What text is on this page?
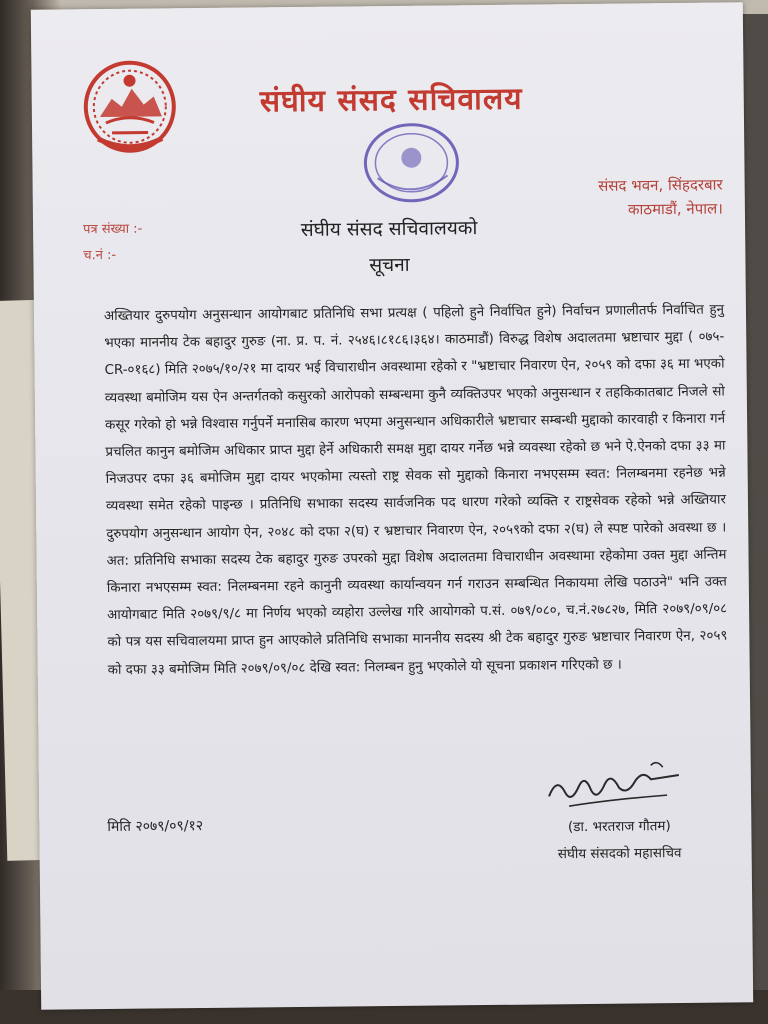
संघीय संसद सचिवालय
संसद भवन, सिंहदरबार
काठमाडौं, नेपाल।
पत्र संख्या :-
च.नं :-
संघीय संसद सचिवालयको
सूचना
अख्तियार दुरुपयोग अनुसन्धान आयोगबाट प्रतिनिधि सभा प्रत्यक्ष ( पहिलो हुने निर्वाचित हुने) निर्वाचन प्रणालीतर्फ निर्वाचित हुनु भएका माननीय टेक बहादुर गुरुङ (ना. प्र. प. नं. २५४६।८१८६।३६४। काठमाडौं) विरुद्ध विशेष अदालतमा भ्रष्टाचार मुद्दा ( ०७५-CR-०१६८) मिति २०७५/१०/२१ मा दायर भई विचाराधीन अवस्थामा रहेको र "भ्रष्टाचार निवारण ऐन, २०५९ को दफा ३६ मा भएको व्यवस्था बमोजिम यस ऐन अन्तर्गतको कसुरको आरोपको सम्बन्धमा कुनै व्यक्तिउपर भएको अनुसन्धान र तहकिकातबाट निजले सो कसूर गरेको हो भन्ने विश्वास गर्नुपर्ने मनासिब कारण भएमा अनुसन्धान अधिकारीले भ्रष्टाचार सम्बन्धी मुद्दाको कारवाही र किनारा गर्न प्रचलित कानुन बमोजिम अधिकार प्राप्त मुद्दा हेर्ने अधिकारी समक्ष मुद्दा दायर गर्नेछ भन्ने व्यवस्था रहेको छ भने ऐ.ऐनको दफा ३३ मा निजउपर दफा ३६ बमोजिम मुद्दा दायर भएकोमा त्यस्तो राष्ट्र सेवक सो मुद्दाको किनारा नभएसम्म स्वत: निलम्बनमा रहनेछ भन्ने व्यवस्था समेत रहेको पाइन्छ । प्रतिनिधि सभाका सदस्य सार्वजनिक पद धारण गरेको व्यक्ति र राष्ट्रसेवक रहेको भन्ने अख्तियार दुरुपयोग अनुसन्धान आयोग ऐन, २०४८ को दफा २(घ) र भ्रष्टाचार निवारण ऐन, २०५९को दफा २(घ) ले स्पष्ट पारेको अवस्था छ । अत: प्रतिनिधि सभाका सदस्य टेक बहादुर गुरुङ उपरको मुद्दा विशेष अदालतमा विचाराधीन अवस्थामा रहेकोमा उक्त मुद्दा अन्तिम किनारा नभएसम्म स्वत: निलम्बनमा रहने कानुनी व्यवस्था कार्यान्वयन गर्न गराउन सम्बन्धित निकायमा लेखि पठाउने" भनि उक्त आयोगबाट मिति २०७९/९/८ मा निर्णय भएको व्यहोरा उल्लेख गरि आयोगको प.सं. ०७९/०८०, च.नं.२७८२७, मिति २०७९/०९/०८ को पत्र यस सचिवालयमा प्राप्त हुन आएकोले प्रतिनिधि सभाका माननीय सदस्य श्री टेक बहादुर गुरुङ भ्रष्टाचार निवारण ऐन, २०५९ को दफा ३३ बमोजिम मिति २०७९/०९/०८ देखि स्वत: निलम्बन हुनु भएकोले यो सूचना प्रकाशन गरिएको छ ।
मिति २०७९/०९/१२	(डा. भरतराज गौतम)
संघीय संसदको महासचिव
